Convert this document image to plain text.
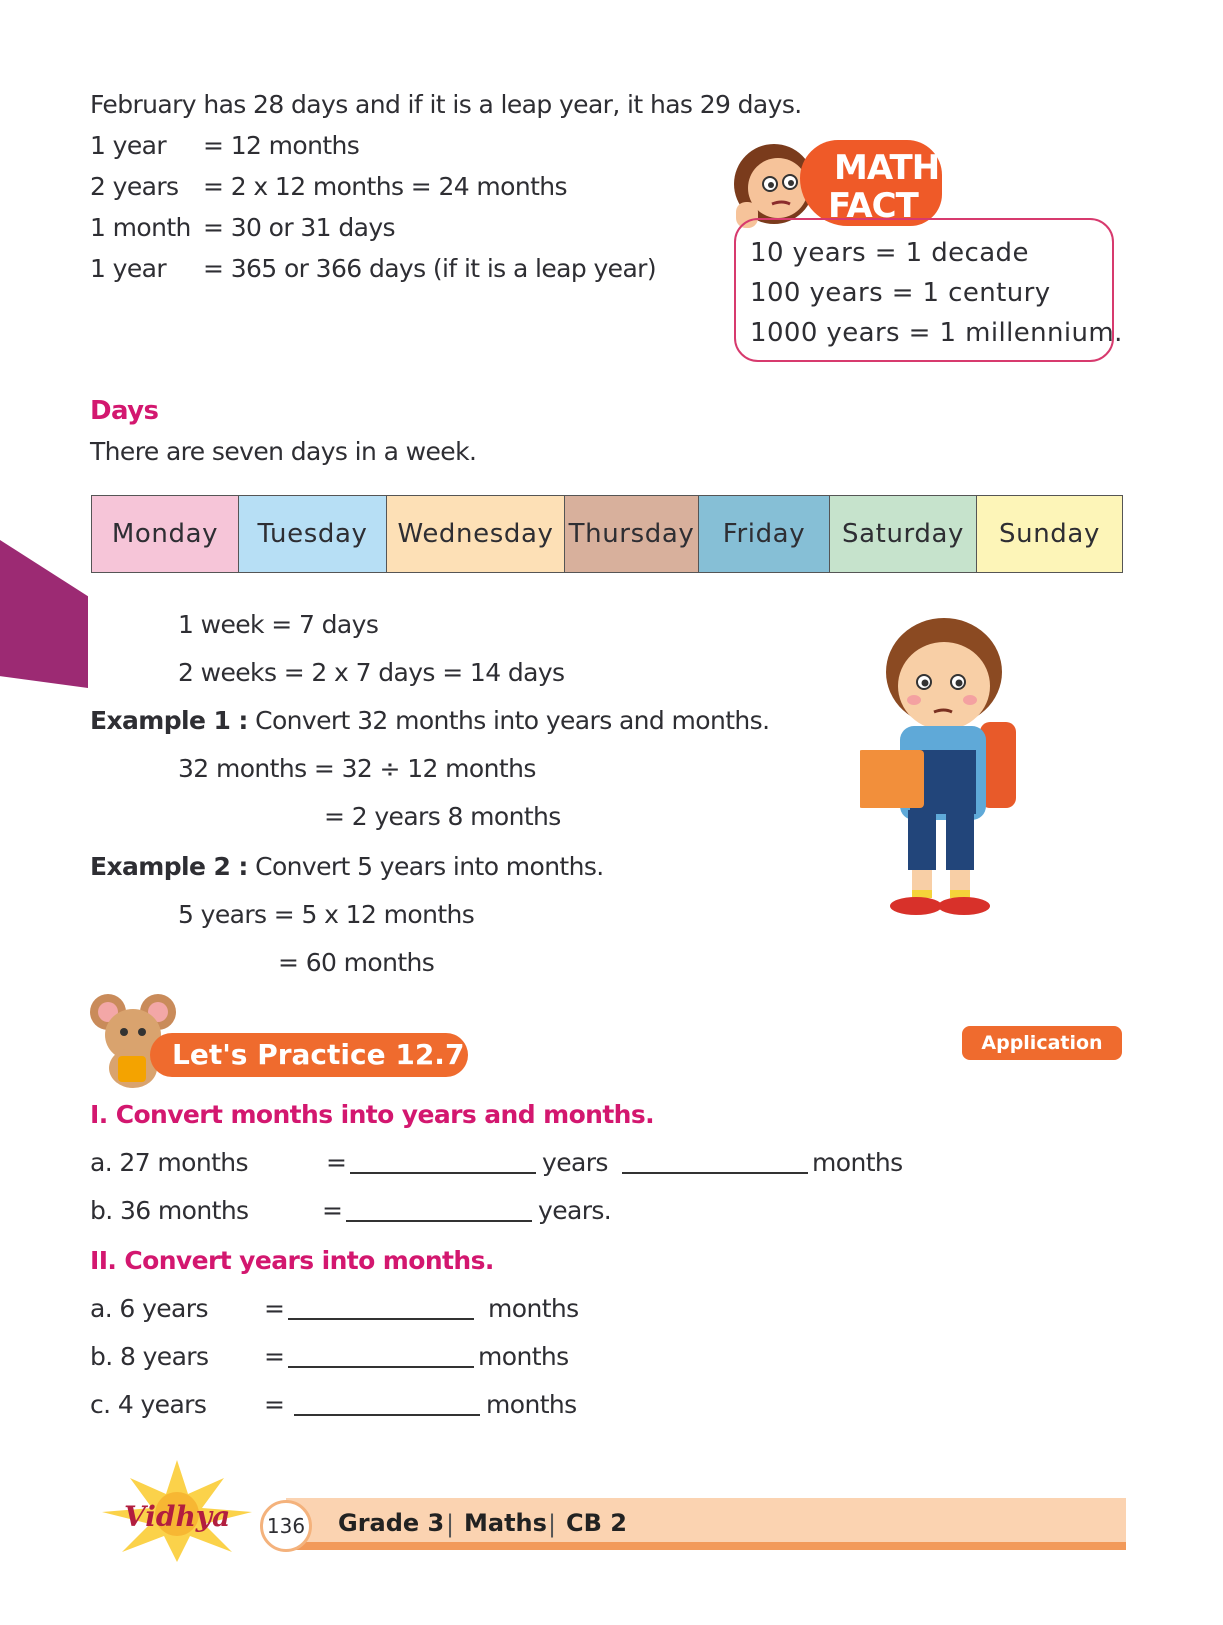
February has 28 days and if it is a leap year, it has 29 days.
1 year = 12 months
2 years = 2 x 12 months = 24 months
1 month = 30 or 31 days
1 year = 365 or 366 days (if it is a leap year)
MATH
FACT
10 years = 1 decade
100 years = 1 century
1000 years = 1 millennium.
Days
There are seven days in a week.
Monday	Tuesday	Wednesday Thursday	Friday	Saturday	Sunday
1 week = 7 days
2 weeks = 2 x 7 days = 14 days
Example 1 : Convert 32 months into years and months.
32 months = 32 ÷ 12 months
= 2 years 8 months
Example 2 : Convert 5 years into months.
5 years = 5 x 12 months
= 60 months
Let's Practice 12.7	Application
I. Convert months into years and months.
a. 27 months	=	years	months
b. 36 months	=	years.
II. Convert years into months.
a. 6 years =	months
b. 8 years =	months
c. 4 years =	months
Vidhya	136 Grade 3 | Maths | CB 2
